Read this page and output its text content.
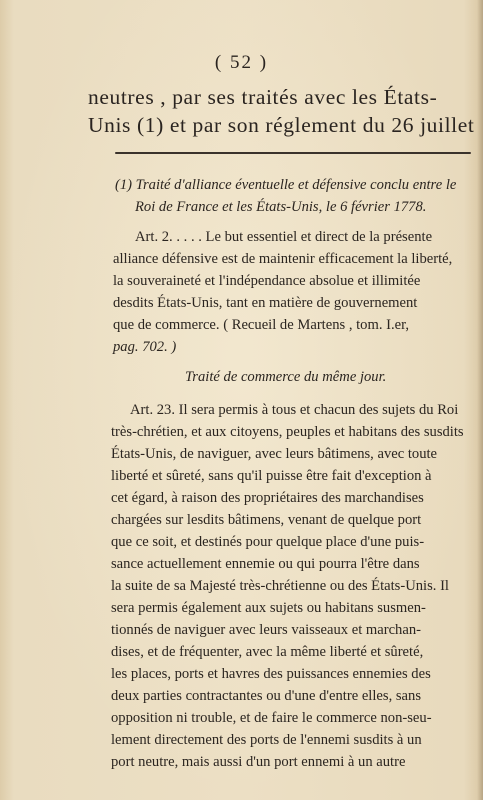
( 52 )
neutres , par ses traités avec les États-
Unis (1) et par son réglement du 26 juillet
(1) Traité d'alliance éventuelle et défensive conclu entre le
Roi de France et les États-Unis, le 6 février 1778.
Art. 2. . . . . Le but essentiel et direct de la présente
alliance défensive est de maintenir efficacement la liberté,
la souveraineté et l'indépendance absolue et illimitée
desdits États-Unis, tant en matière de gouvernement
que de commerce. ( Recueil de Martens , tom. I.er,
pag. 702. )
Traité de commerce du même jour.
Art. 23. Il sera permis à tous et chacun des sujets du Roi
très-chrétien, et aux citoyens, peuples et habitans des susdits
États-Unis, de naviguer, avec leurs bâtimens, avec toute
liberté et sûreté, sans qu'il puisse être fait d'exception à
cet égard, à raison des propriétaires des marchandises
chargées sur lesdits bâtimens, venant de quelque port
que ce soit, et destinés pour quelque place d'une puis-
sance actuellement ennemie ou qui pourra l'être dans
la suite de sa Majesté très-chrétienne ou des États-Unis. Il
sera permis également aux sujets ou habitans susmen-
tionnés de naviguer avec leurs vaisseaux et marchan-
dises, et de fréquenter, avec la même liberté et sûreté,
les places, ports et havres des puissances ennemies des
deux parties contractantes ou d'une d'entre elles, sans
opposition ni trouble, et de faire le commerce non-seu-
lement directement des ports de l'ennemi susdits à un
port neutre, mais aussi d'un port ennemi à un autre
